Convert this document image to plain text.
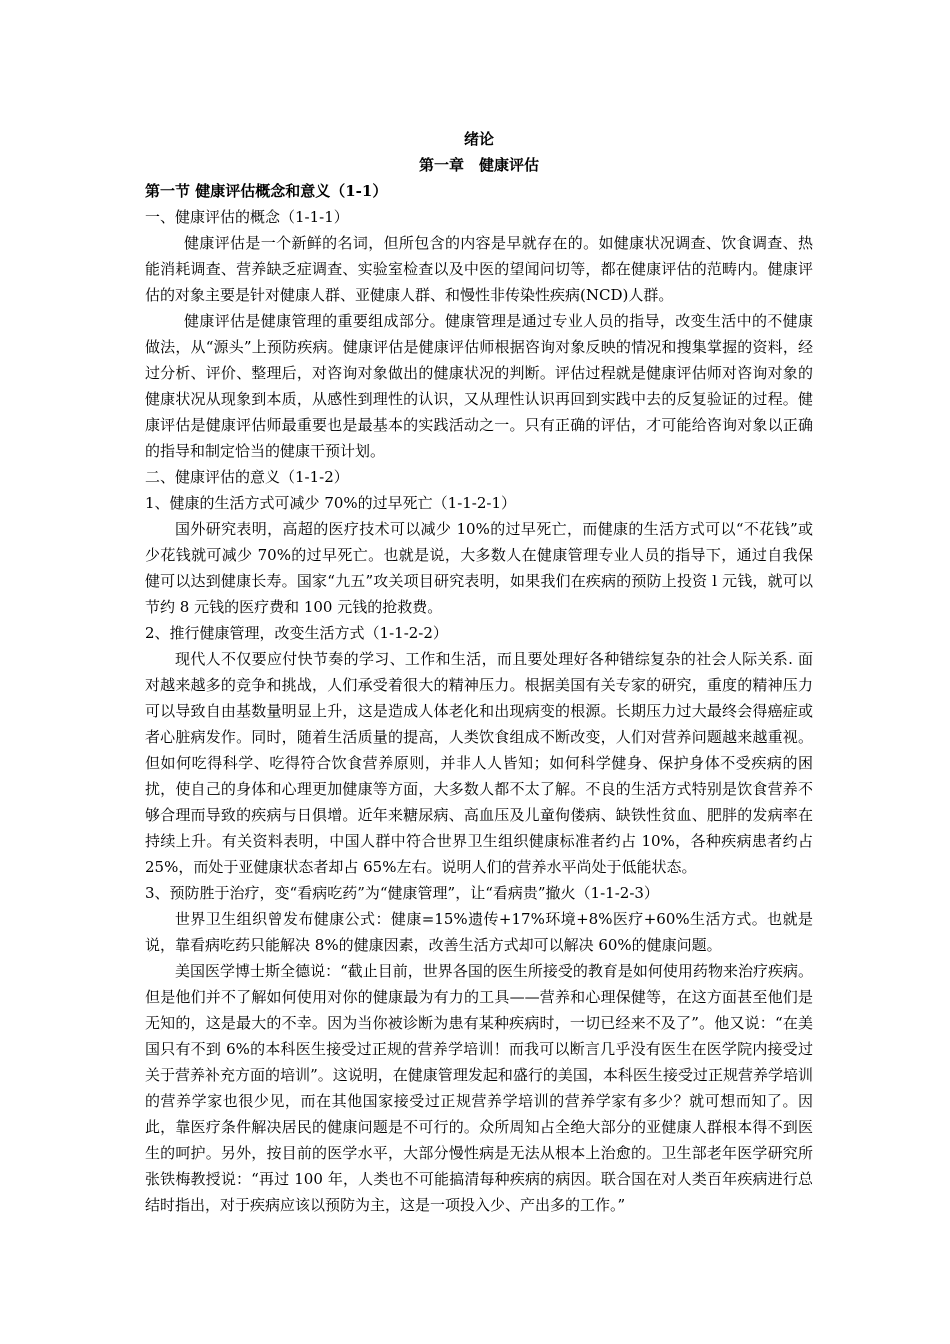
绪论

第一章　健康评估

第一节 健康评估概念和意义（1-1）

一、健康评估的概念（1-1-1）

健康评估是一个新鲜的名词，但所包含的内容是早就存在的。如健康状况调查、饮食调查、热能消耗调查、营养缺乏症调查、实验室检查以及中医的望闻问切等，都在健康评估的范畴内。健康评估的对象主要是针对健康人群、亚健康人群、和慢性非传染性疾病(NCD)人群。

健康评估是健康管理的重要组成部分。健康管理是通过专业人员的指导，改变生活中的不健康做法，从“源头”上预防疾病。健康评估是健康评估师根据咨询对象反映的情况和搜集掌握的资料，经过分析、评价、整理后，对咨询对象做出的健康状况的判断。评估过程就是健康评估师对咨询对象的健康状况从现象到本质，从感性到理性的认识，又从理性认识再回到实践中去的反复验证的过程。健康评估是健康评估师最重要也是最基本的实践活动之一。只有正确的评估，才可能给咨询对象以正确的指导和制定恰当的健康干预计划。

二、健康评估的意义（1-1-2）

1、健康的生活方式可减少 70%的过早死亡（1-1-2-1）

国外研究表明，高超的医疗技术可以减少 10%的过早死亡，而健康的生活方式可以“不花钱”或少花钱就可减少 70%的过早死亡。也就是说，大多数人在健康管理专业人员的指导下，通过自我保健可以达到健康长寿。国家“九五”攻关项目研究表明，如果我们在疾病的预防上投资 l 元钱，就可以节约 8 元钱的医疗费和 100 元钱的抢救费。

2、推行健康管理，改变生活方式（1-1-2-2）

现代人不仅要应付快节奏的学习、工作和生活，而且要处理好各种错综复杂的社会人际关系. 面对越来越多的竞争和挑战，人们承受着很大的精神压力。根据美国有关专家的研究，重度的精神压力可以导致自由基数量明显上升，这是造成人体老化和出现病变的根源。长期压力过大最终会得癌症或者心脏病发作。同时，随着生活质量的提高，人类饮食组成不断改变，人们对营养问题越来越重视。但如何吃得科学、吃得符合饮食营养原则，并非人人皆知；如何科学健身、保护身体不受疾病的困扰，使自己的身体和心理更加健康等方面，大多数人都不太了解。不良的生活方式特别是饮食营养不够合理而导致的疾病与日俱增。近年来糖尿病、高血压及儿童佝偻病、缺铁性贫血、肥胖的发病率在持续上升。有关资料表明，中国人群中符合世界卫生组织健康标准者约占 10%，各种疾病患者约占 25%，而处于亚健康状态者却占 65%左右。说明人们的营养水平尚处于低能状态。

3、预防胜于治疗，变“看病吃药”为“健康管理”，让“看病贵”撤火（1-1-2-3）

世界卫生组织曾发布健康公式：健康=15%遗传+17%环境+8%医疗+60%生活方式。也就是说，靠看病吃药只能解决 8%的健康因素，改善生活方式却可以解决 60%的健康问题。

美国医学博士斯全德说：“截止目前，世界各国的医生所接受的教育是如何使用药物来治疗疾病。但是他们并不了解如何使用对你的健康最为有力的工具——营养和心理保健等，在这方面甚至他们是无知的，这是最大的不幸。因为当你被诊断为患有某种疾病时，一切已经来不及了”。他又说：“在美国只有不到 6%的本科医生接受过正规的营养学培训！而我可以断言几乎没有医生在医学院内接受过关于营养补充方面的培训”。这说明，在健康管理发起和盛行的美国，本科医生接受过正规营养学培训的营养学家也很少见，而在其他国家接受过正规营养学培训的营养学家有多少？就可想而知了。因此，靠医疗条件解决居民的健康问题是不可行的。众所周知占全绝大部分的亚健康人群根本得不到医生的呵护。另外，按目前的医学水平，大部分慢性病是无法从根本上治愈的。卫生部老年医学研究所张铁梅教授说：“再过 100 年，人类也不可能搞清每种疾病的病因。联合国在对人类百年疾病进行总结时指出，对于疾病应该以预防为主，这是一项投入少、产出多的工作。”
